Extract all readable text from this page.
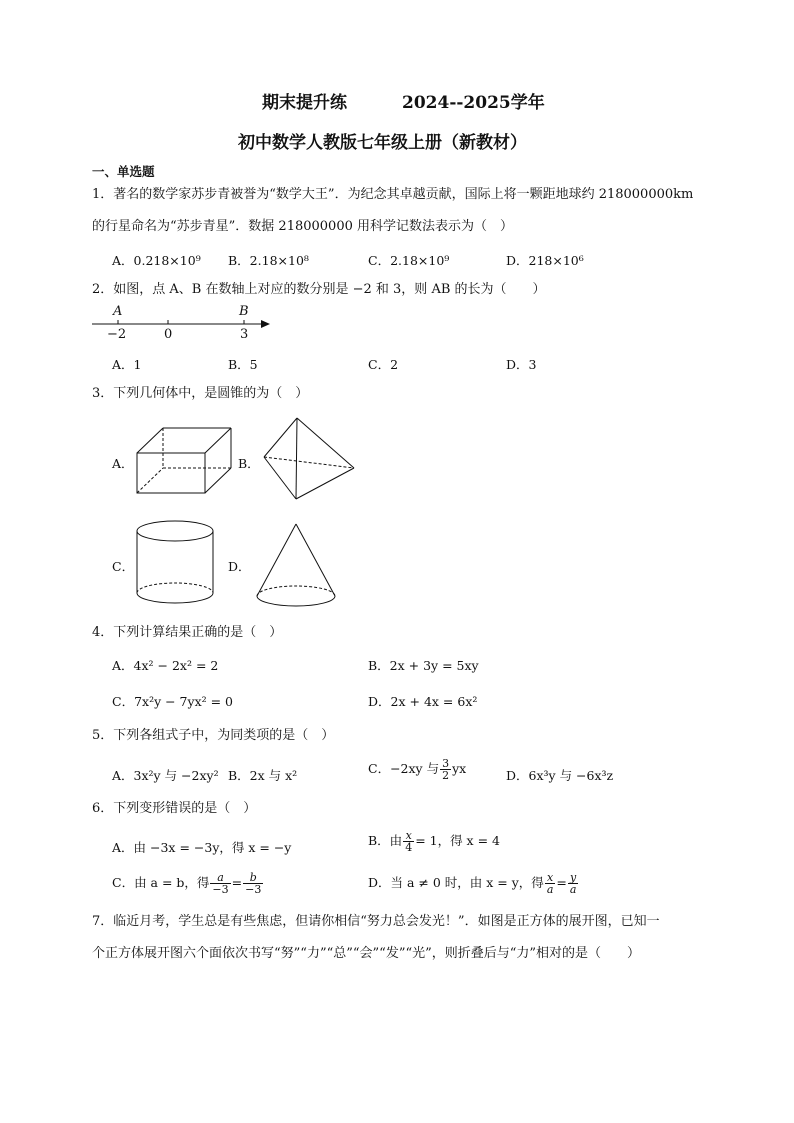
期末提升练	2024--2025学年
初中数学人教版七年级上册（新教材）
一、单选题
1．著名的数学家苏步青被誉为“数学大王”．为纪念其卓越贡献，国际上将一颗距地球约 218000000km
的行星命名为“苏步青星”．数据 218000000 用科学记数法表示为（　）
A．0.218×10⁹ B．2.18×10⁸	C．2.18×10⁹	D．218×10⁶
2．如图，点 A、B 在数轴上对应的数分别是 −2 和 3，则 AB 的长为（　　）
A	B
−2	0	3
A．1	B．5	C．2	D．3
3．下列几何体中，是圆锥的为（　）
A．	B．
C．	D．
4．下列计算结果正确的是（　）
A．4x² − 2x² = 2	B．2x + 3y = 5xy
C．7x²y − 7yx² = 0	D．2x + 4x = 6x²
5．下列各组式子中，为同类项的是（　）
A．3x²y 与 −2xy² B．2x 与 x²	C．−2xy 与 $\frac{3}{2}$ yx	D．6x³y 与 −6x³z
6．下列变形错误的是（　）
A．由 −3x = −3y，得 x = −y	B．由 $\frac{x}{4} = 1$，得 x = 4
C．由 a = b，得 $\frac{a}{-3} = \frac{b}{-3}$	D．当 a ≠ 0 时，由 x = y，得 $\frac{x}{a} = \frac{y}{a}$
7．临近月考，学生总是有些焦虑，但请你相信“努力总会发光！”．如图是正方体的展开图，已知一
个正方体展开图六个面依次书写“努”“力”“总”“会”“发”“光”，则折叠后与“力”相对的是（　　）
